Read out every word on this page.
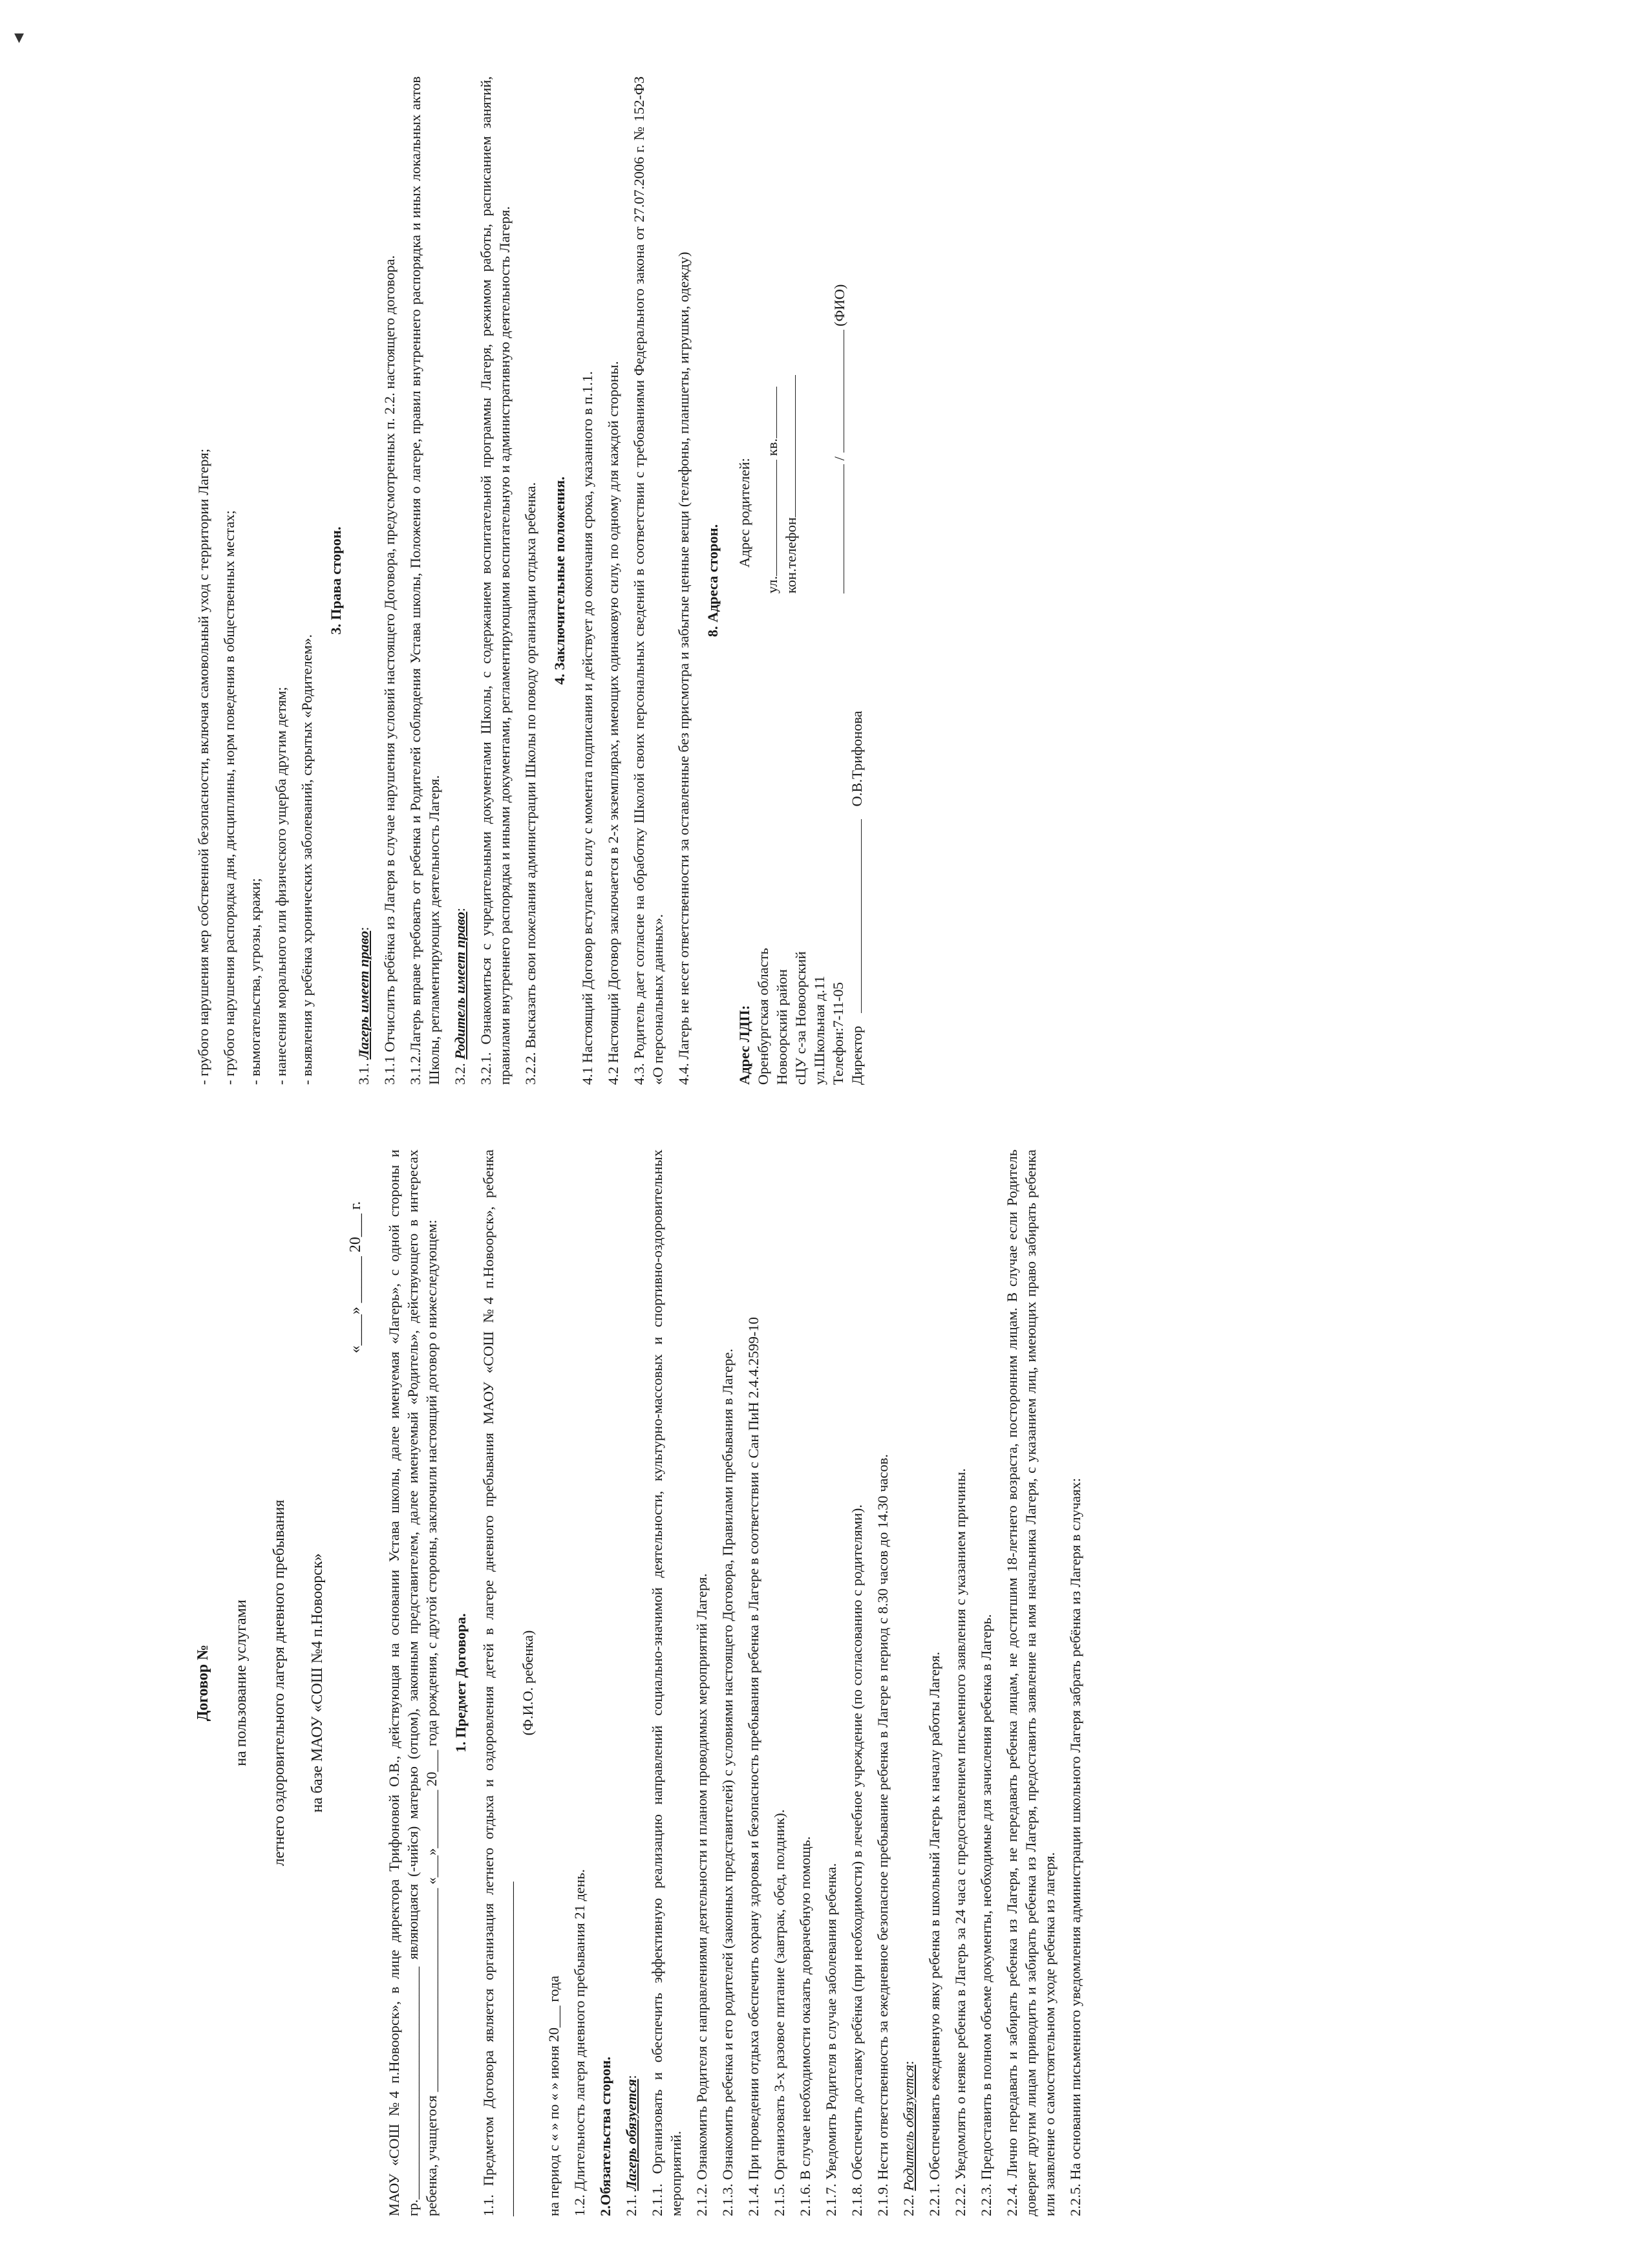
Договор № на пользование услугами летнего оздоровительного лагеря дневного пребывания на базе МАОУ «СОШ №4 п.Новоорск»

«____» ______ 20___ г. МАОУ «СОШ №4 п.Новоорск», в лице директора Трифоновой О.В., действующая на основании Устава школы, далее именуемая «Лагерь», с одной стороны и гр.________________________________ являющаяся (-чийся) матерью (отцом), законным представителем, далее именуемый «Родитель», действующего в интересах ребенка, учащегося ____________________________ «___»________ 20___ года рождения, с другой стороны, заключили настоящий договор о нижеследующем: 1. Предмет Договора. 1.1. Предметом Договора является организация летнего отдыха и оздоровления детей в лагере дневного пребывания МАОУ «СОШ №4 п.Новоорск», ребенка ______________________________________________

(Ф.И.О. ребенка)

на период с « » по « » июня 20___ года 1.2. Длительность лагеря дневного пребывания 21 день. 2.Обязательства сторон. 2.1. Лагерь обязуется: 2.1.1. Организовать и обеспечить эффективную реализацию направлений социально-значимой деятельности, культурно-массовых и спортивно-оздоровительных мероприятий. 2.1.2. Ознакомить Родителя с направлениями деятельности и планом проводимых мероприятий Лагеря. 2.1.3. Ознакомить ребенка и его родителей (законных представителей) с условиями настоящего Договора, Правилами пребывания в Лагере. 2.1.4. При проведении отдыха обеспечить охрану здоровья и безопасность пребывания ребенка в Лагере в соответствии с Сан ПиН 2.4.4.2599-10 2.1.5. Организовать 3-х разовое питание (завтрак, обед, полдник). 2.1.6. В случае необходимости оказать доврачебную помощь. 2.1.7. Уведомить Родителя в случае заболевания ребенка. 2.1.8. Обеспечить доставку ребёнка (при необходимости) в лечебное учреждение (по согласованию с родителями). 2.1.9. Нести ответственность за ежедневное безопасное пребывание ребенка в Лагере в период с 8.30 часов до 14.30 часов. 2.2. Родитель обязуется: 2.2.1. Обеспечивать ежедневную явку ребенка в школьный Лагерь к началу работы Лагеря. 2.2.2. Уведомлять о неявке ребенка в Лагерь за 24 часа с предоставлением письменного заявления с указанием причины. 2.2.3. Предоставить в полном объеме документы, необходимые для зачисления ребенка в Лагерь. 2.2.4. Лично передавать и забирать ребенка из Лагеря, не передавать ребенка лицам, не достигшим 18-летнего возраста, посторонним лицам. В случае если Родитель доверяет другим лицам приводить и забирать ребенка из Лагеря, предоставить заявление на имя начальника Лагеря, с указанием лиц, имеющих право забирать ребенка или заявление о самостоятельном уходе ребенка из лагеря. 2.2.5. На основании письменного уведомления администрации школьного Лагеря забрать ребёнка из Лагеря в случаях:

- грубого нарушения мер собственной безопасности, включая самовольный уход с территории Лагеря; - грубого нарушения распорядка дня, дисциплины, норм поведения в общественных местах; - вымогательства, угрозы, кражи; - нанесения морального или физического ущерба другим детям; - выявления у ребёнка хронических заболеваний, скрытых «Родителем».

3. Права сторон.

3.1. Лагерь имеет право: 3.1.1 Отчислить ребёнка из Лагеря в случае нарушения условий настоящего Договора, предусмотренных п. 2.2. настоящего договора. 3.1.2.Лагерь вправе требовать от ребенка и Родителей соблюдения Устава школы, Положения о лагере, правил внутреннего распорядка и иных локальных актов Школы, регламентирующих деятельность Лагеря. 3.2. Родитель имеет право: 3.2.1. Ознакомиться с учредительными документами Школы, с содержанием воспитательной программы Лагеря, режимом работы, расписанием занятий, правилами внутреннего распорядка и иными документами, регламентирующими воспитательную и административную деятельность Лагеря. 3.2.2. Высказать свои пожелания администрации Школы по поводу организации отдыха ребенка. 4. Заключительные положения. 4.1 Настоящий Договор вступает в силу с момента подписания и действует до окончания срока, указанного в п.1.1. 4.2 Настоящий Договор заключается в 2-х экземплярах, имеющих одинаковую силу, по одному для каждой стороны. 4.3. Родитель дает согласие на обработку Школой своих персональных сведений в соответствии с требованиями Федерального закона от 27.07.2006 г. № 152-ФЗ «О персональных данных». 4.4. Лагерь не несет ответственности за оставленные без присмотра и забытые ценные вещи (телефоны, планшеты, игрушки, одежду) 8. Адреса сторон.
Адрес ЛДП: Оренбургская область Новоорский район сЦУ с-за Новоорский ул.Школьная д.11 Телефон:7-11-05 Директор  О.В.Трифонова
Адрес родителей:
ул. кв.
кон.телефон
/  (ФИО)
▾
